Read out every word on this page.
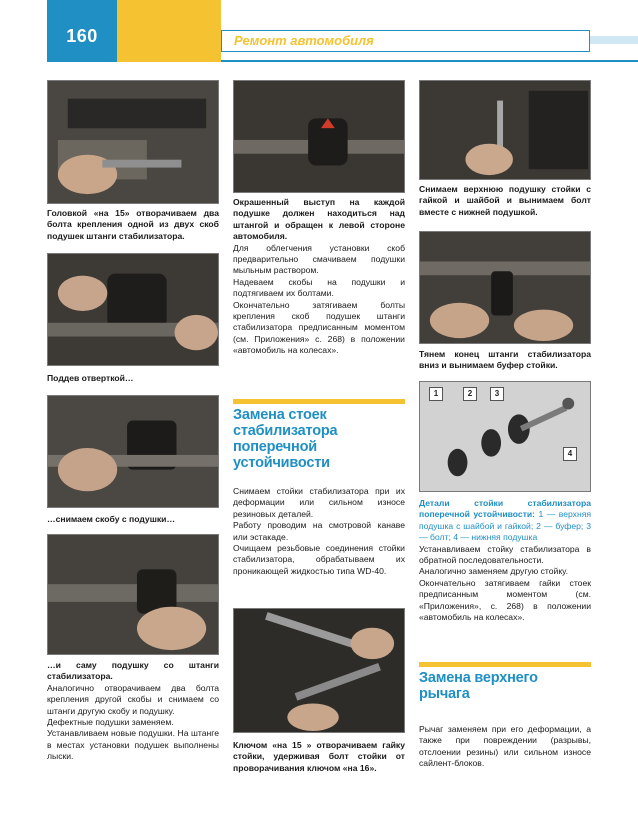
160	Ремонт автомобиля
Головкой «на 15» отворачиваем два болта крепления одной из двух скоб подушек штанги стабилизатора.
Поддев отверткой…
…снимаем скобу с подушки…

…и саму подушку со штанги стабилизатора.

Аналогично отворачиваем два болта крепления другой скобы и снимаем со штанги другую скобу и подушку.

Дефектные подушки заменяем.

Устанавливаем новые подушки. На штанге в местах установки подушек выполнены лыски.

Окрашенный выступ на каждой подушке должен находиться над штангой и обращен к левой стороне автомобиля.

Для облегчения установки скоб предварительно смачиваем подушки мыльным раствором.

Надеваем скобы на подушки и подтягиваем их болтами.

Окончательно затягиваем болты крепления скоб подушек штанги стабилизатора предписанным моментом (см. Приложения» с. 268) в положении «автомобиль на колесах».

Замена стоек стабилизатора поперечной устойчивости

Снимаем стойки стабилизатора при их деформации или сильном износе резиновых деталей.

Работу проводим на смотровой канаве или эстакаде.

Очищаем резьбовые соединения стойки стабилизатора, обрабатываем их проникающей жидкостью типа WD-40.

Ключом «на 15 » отворачиваем гайку стойки, удерживая болт стойки от проворачивания ключом «на 16».
Снимаем верхнюю подушку стойки с гайкой и шайбой и вынимаем болт вместе с нижней подушкой.
Тянем конец штанги стабилизатора вниз и вынимаем буфер стойки.
1	2	3
4

Детали стойки стабилизатора поперечной устойчивости: 1 — верхняя подушка с шайбой и гайкой; 2 — буфер; 3 — болт; 4 — нижняя подушка

Устанавливаем стойку стабилизатора в обратной последовательности.

Аналогично заменяем другую стойку.

Окончательно затягиваем гайки стоек предписанным моментом (см. «Приложения», с. 268) в положении «автомобиль на колесах».

Замена верхнего рычага

Рычаг заменяем при его деформации, а также при повреждении (разрывы, отслоении резины) или сильном износе сайлент-блоков.
